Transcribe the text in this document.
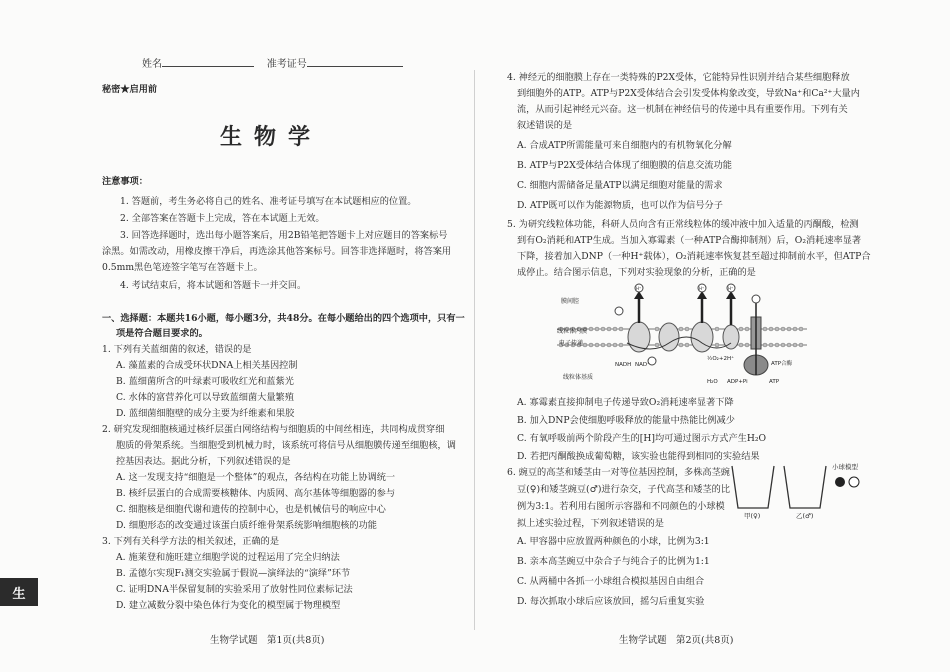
生
姓名	准考证号
秘密★启用前
生物学
注意事项：
1. 答题前，考生务必将自己的姓名、准考证号填写在本试题相应的位置。
2. 全部答案在答题卡上完成，答在本试题上无效。
3. 回答选择题时，选出每小题答案后，用2B铅笔把答题卡上对应题目的答案标号
涂黑。如需改动，用橡皮擦干净后，再选涂其他答案标号。回答非选择题时，将答案用
0.5mm黑色笔迹签字笔写在答题卡上。
4. 考试结束后，将本试题和答题卡一并交回。
一、选择题：本题共16小题，每小题3分，共48分。在每小题给出的四个选项中，只有一
项是符合题目要求的。
1. 下列有关蓝细菌的叙述，错误的是
A. 藻蓝素的合成受环状DNA上相关基因控制
B. 蓝细菌所含的叶绿素可吸收红光和蓝紫光
C. 水体的富营养化可以导致蓝细菌大量繁殖
D. 蓝细菌细胞壁的成分主要为纤维素和果胶
2. 研究发现细胞核通过核纤层蛋白网络结构与细胞质的中间丝相连，共同构成贯穿细
胞质的骨架系统。当细胞受到机械力时，该系统可将信号从细胞膜传递至细胞核，调
控基因表达。据此分析，下列叙述错误的是
A. 这一发现支持“细胞是一个整体”的观点，各结构在功能上协调统一
B. 核纤层蛋白的合成需要核糖体、内质网、高尔基体等细胞器的参与
C. 细胞核是细胞代谢和遗传的控制中心，也是机械信号的响应中心
D. 细胞形态的改变通过该蛋白质纤维骨架系统影响细胞核的功能
3. 下列有关科学方法的相关叙述，正确的是
A. 施莱登和施旺建立细胞学说的过程运用了完全归纳法
B. 孟德尔实现F₁测交实验属于假说—演绎法的“演绎”环节
C. 证明DNA半保留复制的实验采用了放射性同位素标记法
D. 建立减数分裂中染色体行为变化的模型属于物理模型
生物学试题　第1页(共8页)
4. 神经元的细胞膜上存在一类特殊的P2X受体，它能特异性识别并结合某些细胞释放
到细胞外的ATP。ATP与P2X受体结合会引发受体构象改变，导致Na⁺和Ca²⁺大量内
流，从而引起神经元兴奋。这一机制在神经信号的传递中具有重要作用。下列有关
叙述错误的是
A. 合成ATP所需能量可来自细胞内的有机物氧化分解
B. ATP与P2X受体结合体现了细胞膜的信息交流功能
C. 细胞内需储备足量ATP以满足细胞对能量的需求
D. ATP既可以作为能源物质，也可以作为信号分子
5. 为研究线粒体功能，科研人员向含有正常线粒体的缓冲液中加入适量的丙酮酸，检测
到有O₂消耗和ATP生成。当加入寡霉素（一种ATP合酶抑制剂）后，O₂消耗速率显著
下降，接着加入DNP（一种H⁺载体），O₂消耗速率恢复甚至超过抑制前水平，但ATP合
成停止。结合图示信息，下列对实验现象的分析，正确的是
A. 寡霉素直接抑制电子传递导致O₂消耗速率显著下降
B. 加入DNP会使细胞呼吸释放的能量中热能比例减少
C. 有氧呼吸前两个阶段产生的[H]均可通过图示方式产生H₂O
D. 若把丙酮酸换成葡萄糖，该实验也能得到相同的实验结果
6. 豌豆的高茎和矮茎由一对等位基因控制，多株高茎豌
豆(♀)和矮茎豌豆(♂)进行杂交，子代高茎和矮茎的比
例为3:1。若利用右图所示容器和不同颜色的小球模
拟上述实验过程，下列叙述错误的是
A. 甲容器中应放置两种颜色的小球，比例为3:1
B. 亲本高茎豌豆中杂合子与纯合子的比例为1:1
C. 从两桶中各抓一小球组合模拟基因自由组合
D. 每次抓取小球后应该放回，摇匀后重复实验
生物学试题　第2页(共8页)
膜间腔
线粒体内膜
电子传递
线粒体基质
NADH NAD⁺
½O₂+2H⁺
H₂O ADP+Pi	ATP
ATP合酶
H⁺	H⁺	H⁺
甲(♀)	乙(♂)
小球模型
